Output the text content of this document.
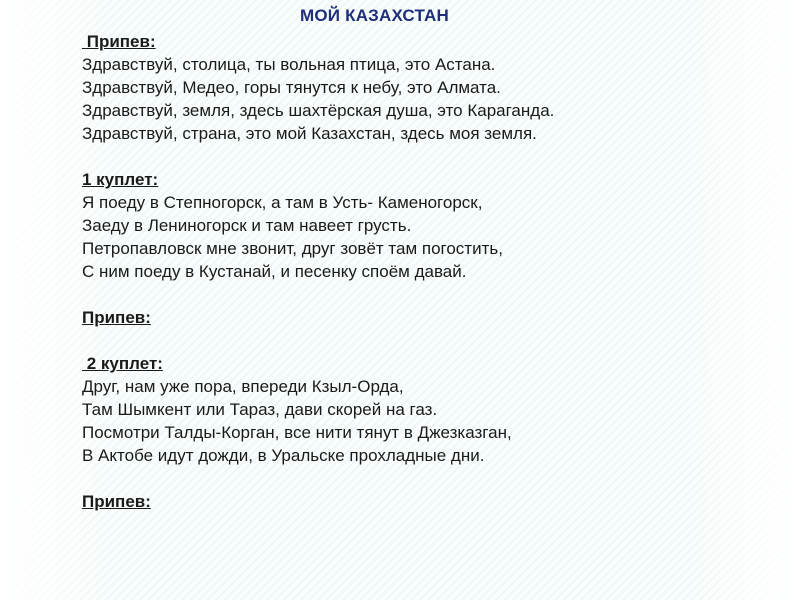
МОЙ КАЗАХСТАН
Припев:
Здравствуй, столица, ты вольная птица, это Астана.
Здравствуй, Медео, горы тянутся к небу, это Алмата.
Здравствуй, земля, здесь шахтёрская душа, это Караганда.
Здравствуй, страна, это мой Казахстан, здесь моя земля.
1 куплет:
Я поеду в Степногорск, а там в Усть- Каменогорск,
Заеду в Лениногорск и там навеет грусть.
Петропавловск мне звонит, друг зовёт там погостить,
С ним поеду в Кустанай, и песенку споём давай.
Припев:
2 куплет:
Друг, нам уже пора, впереди Кзыл-Орда,
Там Шымкент или Тараз, дави скорей на газ.
Посмотри Талды-Корган, все нити тянут в Джезказган,
В Актобе идут дожди, в Уральске прохладные дни.
Припев:
